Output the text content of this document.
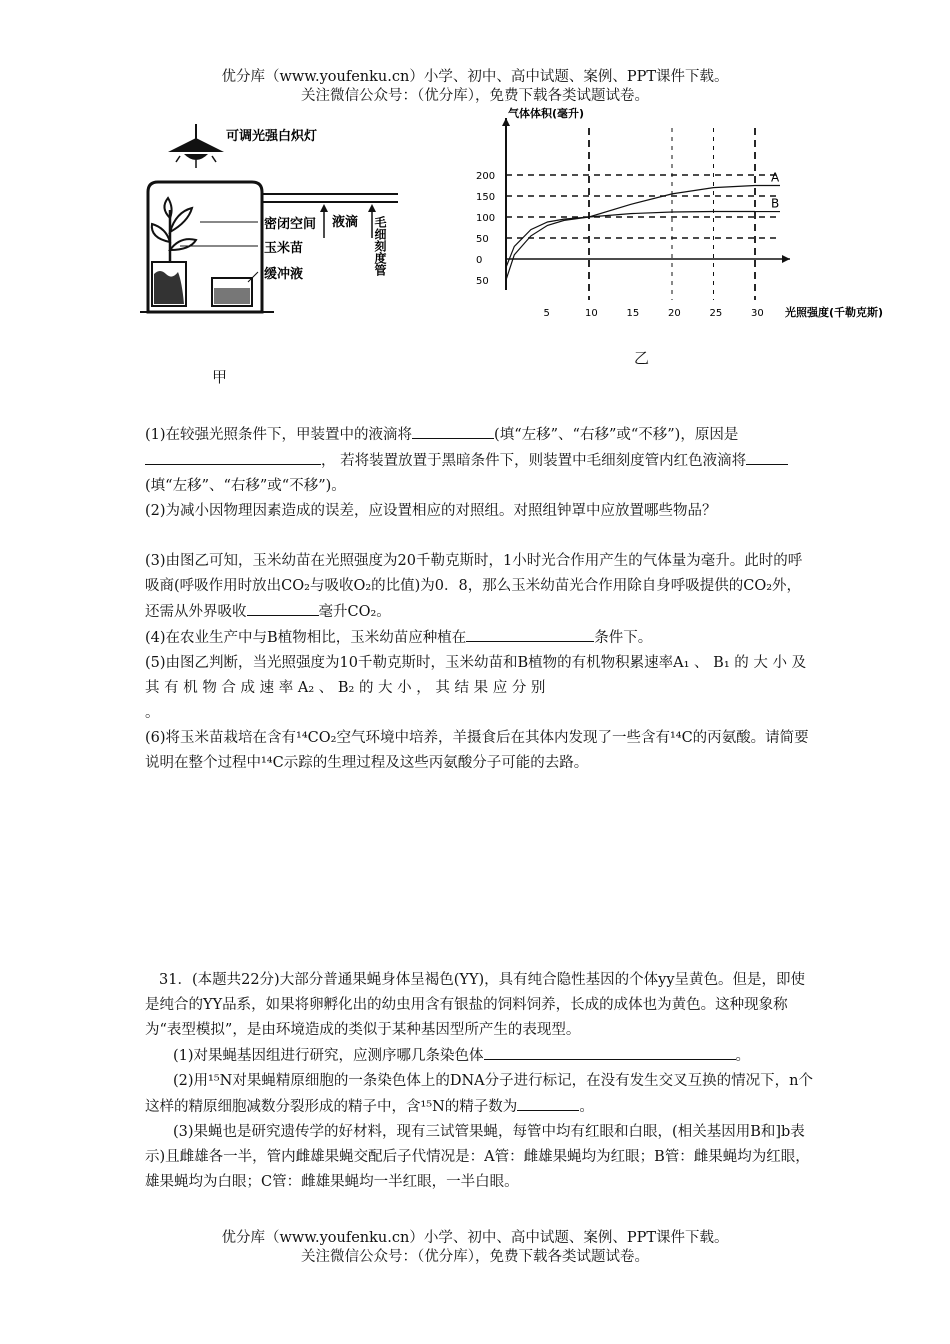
优分库（www.youfenku.cn）小学、初中、高中试题、案例、PPT课件下载。
关注微信公众号：（优分库），免费下载各类试题试卷。
可调光强白炽灯
密闭空间
玉米苗
缓冲液
液滴 毛细刻度管
甲
气体体积(毫升)
200
150
100
50
0
50
5	10	15	20	25	30 光照强度(千勒克斯)
A
B
乙

(1)在较强光照条件下，甲装置中的液滴将	(填“左移”、“右移”或“不移”)，原因是， 若将装置放置于黑暗条件下，则装置中毛细刻度管内红色液滴将(填“左移”、“右移”或“不移”)。

(2)为减小因物理因素造成的误差，应设置相应的对照组。对照组钟罩中应放置哪些物品？

(3)由图乙可知，玉米幼苗在光照强度为20千勒克斯时，1小时光合作用产生的气体量为毫升。此时的呼吸商(呼吸作用时放出CO₂与吸收O₂的比值)为0．8，那么玉米幼苗光合作用除自身呼吸提供的CO₂外，还需从外界吸收	毫升CO₂。

(4)在农业生产中与B植物相比，玉米幼苗应种植在	条件下。

(5)由图乙判断，当光照强度为10千勒克斯时，玉米幼苗和B植物的有机物积累速率A₁ 、 B₁ 的 大 小 及 其 有 机 物 合 成 速 率 A₂ 、 B₂ 的 大 小 ， 其 结 果 应 分 别
。

(6)将玉米苗栽培在含有¹⁴CO₂空气环境中培养，羊摄食后在其体内发现了一些含有¹⁴C的丙氨酸。请简要说明在整个过程中¹⁴C示踪的生理过程及这些丙氨酸分子可能的去路。

31．(本题共22分)大部分普通果蝇身体呈褐色(YY)，具有纯合隐性基因的个体yy呈黄色。但是，即使是纯合的YY品系，如果将卵孵化出的幼虫用含有银盐的饲料饲养，长成的成体也为黄色。这种现象称为“表型模拟”，是由环境造成的类似于某种基因型所产生的表现型。

(1)对果蝇基因组进行研究，应测序哪几条染色体	。

(2)用¹⁵N对果蝇精原细胞的一条染色体上的DNA分子进行标记，在没有发生交叉互换的情况下，n个这样的精原细胞减数分裂形成的精子中，含¹⁵N的精子数为	。

(3)果蝇也是研究遗传学的好材料，现有三试管果蝇，每管中均有红眼和白眼，(相关基因用B和]b表示)且雌雄各一半，管内雌雄果蝇交配后子代情况是：A管：雌雄果蝇均为红眼；B管：雌果蝇均为红眼，雄果蝇均为白眼；C管：雌雄果蝇均一半红眼，一半白眼。

优分库（www.youfenku.cn）小学、初中、高中试题、案例、PPT课件下载。
关注微信公众号：（优分库），免费下载各类试题试卷。
